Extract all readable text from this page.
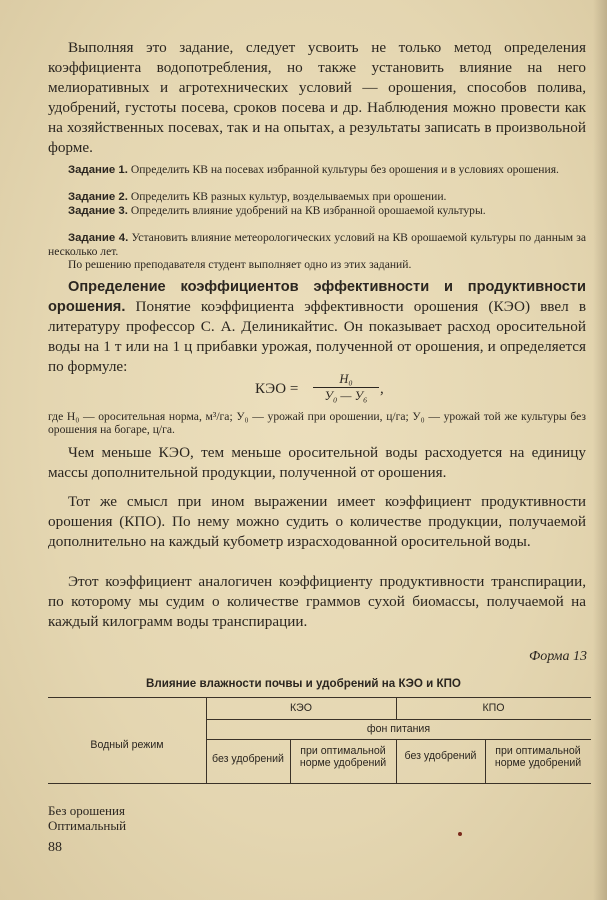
Выполняя это задание, следует усвоить не только метод определения коэффициента водопотребления, но также установить влияние на него мелиоративных и агротехнических условий — орошения, способов полива, удобрений, густоты посева, сроков посева и др. Наблюдения можно провести как на хозяйственных посевах, так и на опытах, а результаты записать в произвольной форме.

Задание 1. Определить КВ на посевах избранной культуры без орошения и в условиях орошения.

Задание 2. Определить КВ разных культур, возделываемых при орошении.

Задание 3. Определить влияние удобрений на КВ избранной орошаемой культуры.

Задание 4. Установить влияние метеорологических условий на КВ орошаемой культуры по данным за несколько лет.

По решению преподавателя студент выполняет одно из этих заданий.

Определение коэффициентов эффективности и продуктивности орошения. Понятие коэффициента эффективности орошения (КЭО) ввел в литературу профессор С. А. Делиникайтис. Он показывает расход оросительной воды на 1 т или на 1 ц прибавки урожая, полученной от орошения, и определяется по формуле:

КЭО =
Н₀
У₀ — У₆ ,

где Н₀ — оросительная норма, м³/га; У₀ — урожай при орошении, ц/га; У₀ — урожай той же культуры без орошения на богаре, ц/га.

Чем меньше КЭО, тем меньше оросительной воды расходуется на единицу массы дополнительной продукции, полученной от орошения.

Тот же смысл при ином выражении имеет коэффициент продуктивности орошения (КПО). По нему можно судить о количестве продукции, получаемой дополнительно на каждый кубометр израсходованной оросительной воды.

Этот коэффициент аналогичен коэффициенту продуктивности транспирации, по которому мы судим о количестве граммов сухой биомассы, получаемой на каждый килограмм воды транспирации.

Форма 13
Влияние влажности почвы и удобрений на КЭО и КПО
Водный режим
КЭО	КПО
фон питания
без удобрений
при оптимальной норме удобрений
без удобрений	при оптимальной норме удобрений
Без орошения
Оптимальный
88
